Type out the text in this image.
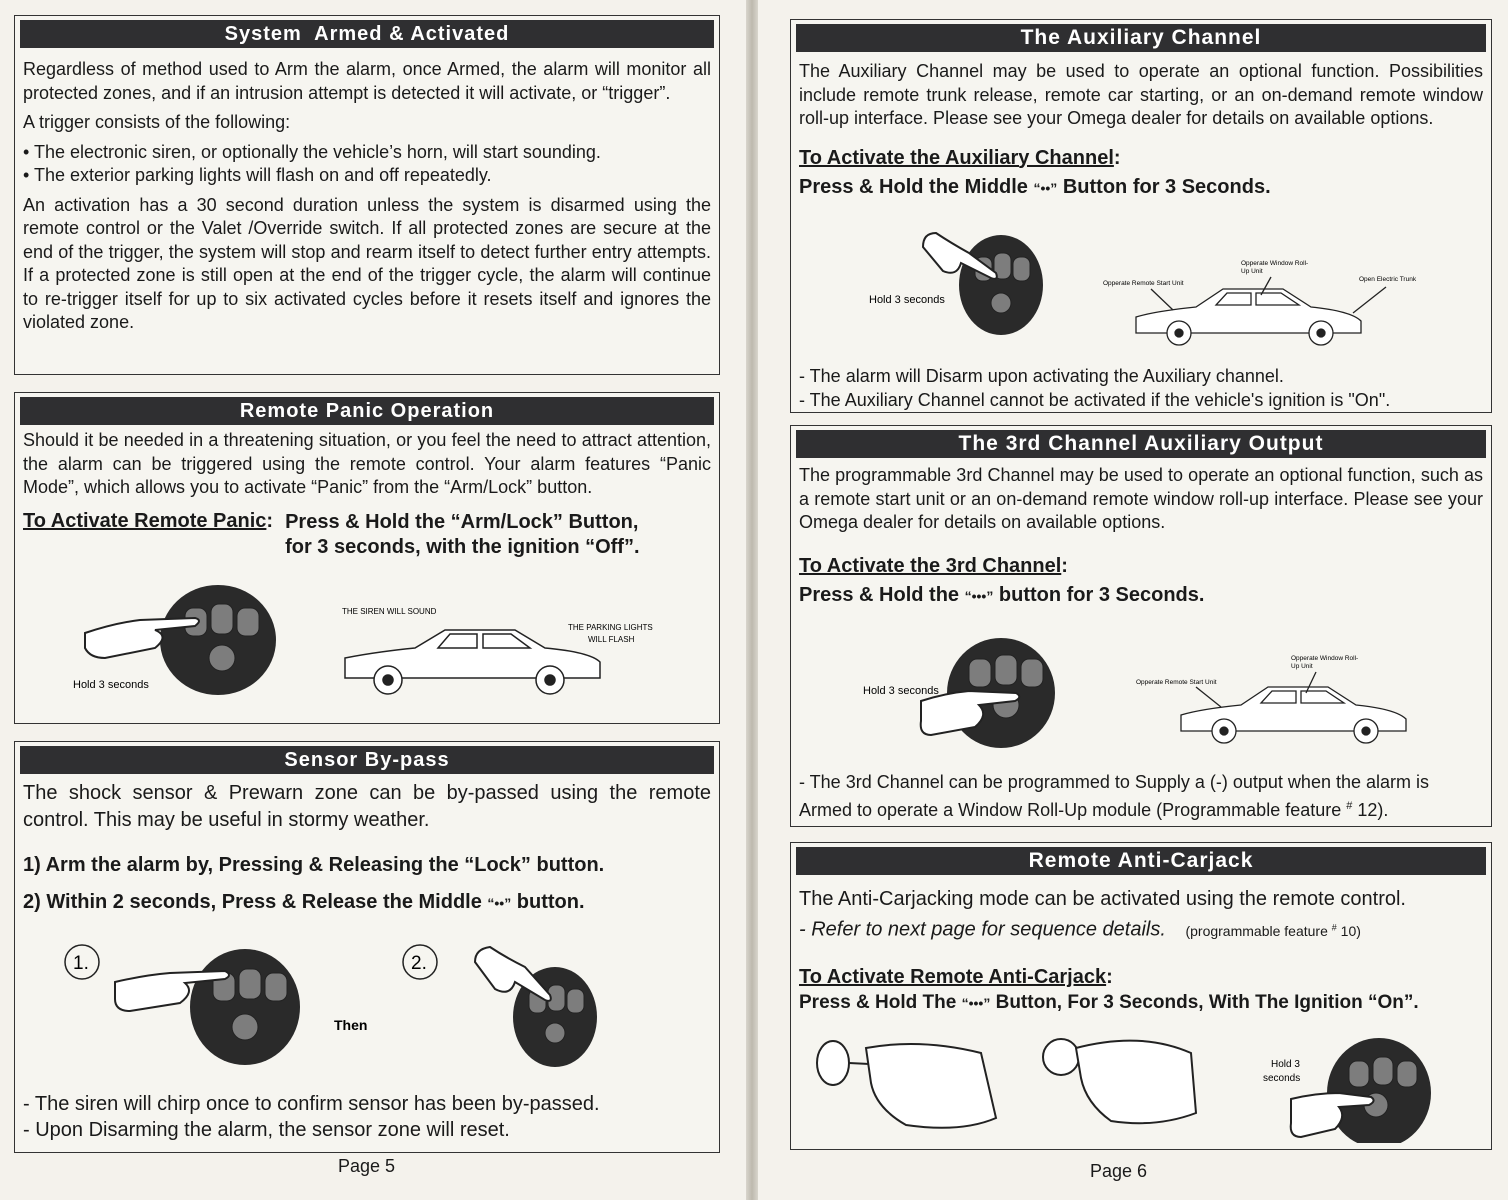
System  Armed & Activated

Regardless of method used to Arm the alarm, once Armed, the alarm will monitor all protected zones, and if an intrusion attempt is detected it will activate, or “trigger”.

A trigger consists of the following:

• The electronic siren, or optionally the vehicle’s horn, will start sounding.
• The exterior parking lights will flash on and off repeatedly.

An activation has a 30 second duration unless the system is disarmed using the remote control or the Valet /Override switch. If all protected zones are secure at the end of the trigger, the system will stop and rearm itself to detect further entry attempts. If a protected zone is still open at the end of the trigger cycle, the alarm will continue to re-trigger itself for up to six activated cycles before it resets itself and ignores the violated zone.

Remote Panic Operation

Should it be needed in a threatening situation, or you feel the need to attract attention, the alarm can be triggered using the remote control. Your alarm features “Panic Mode”, which allows you to activate “Panic” from the “Arm/Lock” button.

To Activate Remote Panic: Press & Hold the “Arm/Lock” Button,
for 3 seconds, with the ignition “Off”.
Hold 3 seconds
THE SIREN WILL SOUND
THE PARKING LIGHTS
WILL FLASH
Sensor By-pass

The shock sensor & Prewarn zone can be by-passed using the remote control. This may be useful in stormy weather.

1) Arm the alarm by, Pressing & Releasing the “Lock” button.
2) Within 2 seconds, Press & Release the Middle “••” button.
1.	2.
Then
- The siren will chirp once to confirm sensor has been by-passed.
- Upon Disarming the alarm, the sensor zone will reset.
Page 5
The Auxiliary Channel

The Auxiliary Channel may be used to operate an optional function. Possibilities include remote trunk release, remote car starting, or an on-demand remote window roll-up interface. Please see your Omega dealer for details on available options.

To Activate the Auxiliary Channel:
Press & Hold the Middle “••” Button for 3 Seconds.
Hold 3 seconds
Opperate Remote Start Unit
Opperate Window Roll-
Up Unit
Open Electric Trunk
- The alarm will Disarm upon activating the Auxiliary channel.
- The Auxiliary Channel cannot be activated if the vehicle's ignition is "On".
The 3rd Channel Auxiliary Output

The programmable 3rd Channel may be used to operate an optional function, such as a remote start unit or an on-demand remote window roll-up interface. Please see your Omega dealer for details on available options.

To Activate the 3rd Channel:
Press & Hold the “•••” button for 3 Seconds.
Hold 3 seconds
Opperate Remote Start Unit
Opperate Window Roll-
Up Unit
- The 3rd Channel can be programmed to Supply a (-) output when the alarm is Armed to operate a Window Roll-Up module (Programmable feature # 12).
Remote Anti-Carjack
The Anti-Carjacking mode can be activated using the remote control.
- Refer to next page for sequence details. (programmable feature # 10)
To Activate Remote Anti-Carjack:
Press & Hold The “•••” Button, For 3 Seconds, With The Ignition “On”.
Hold 3
seconds
Page 6
